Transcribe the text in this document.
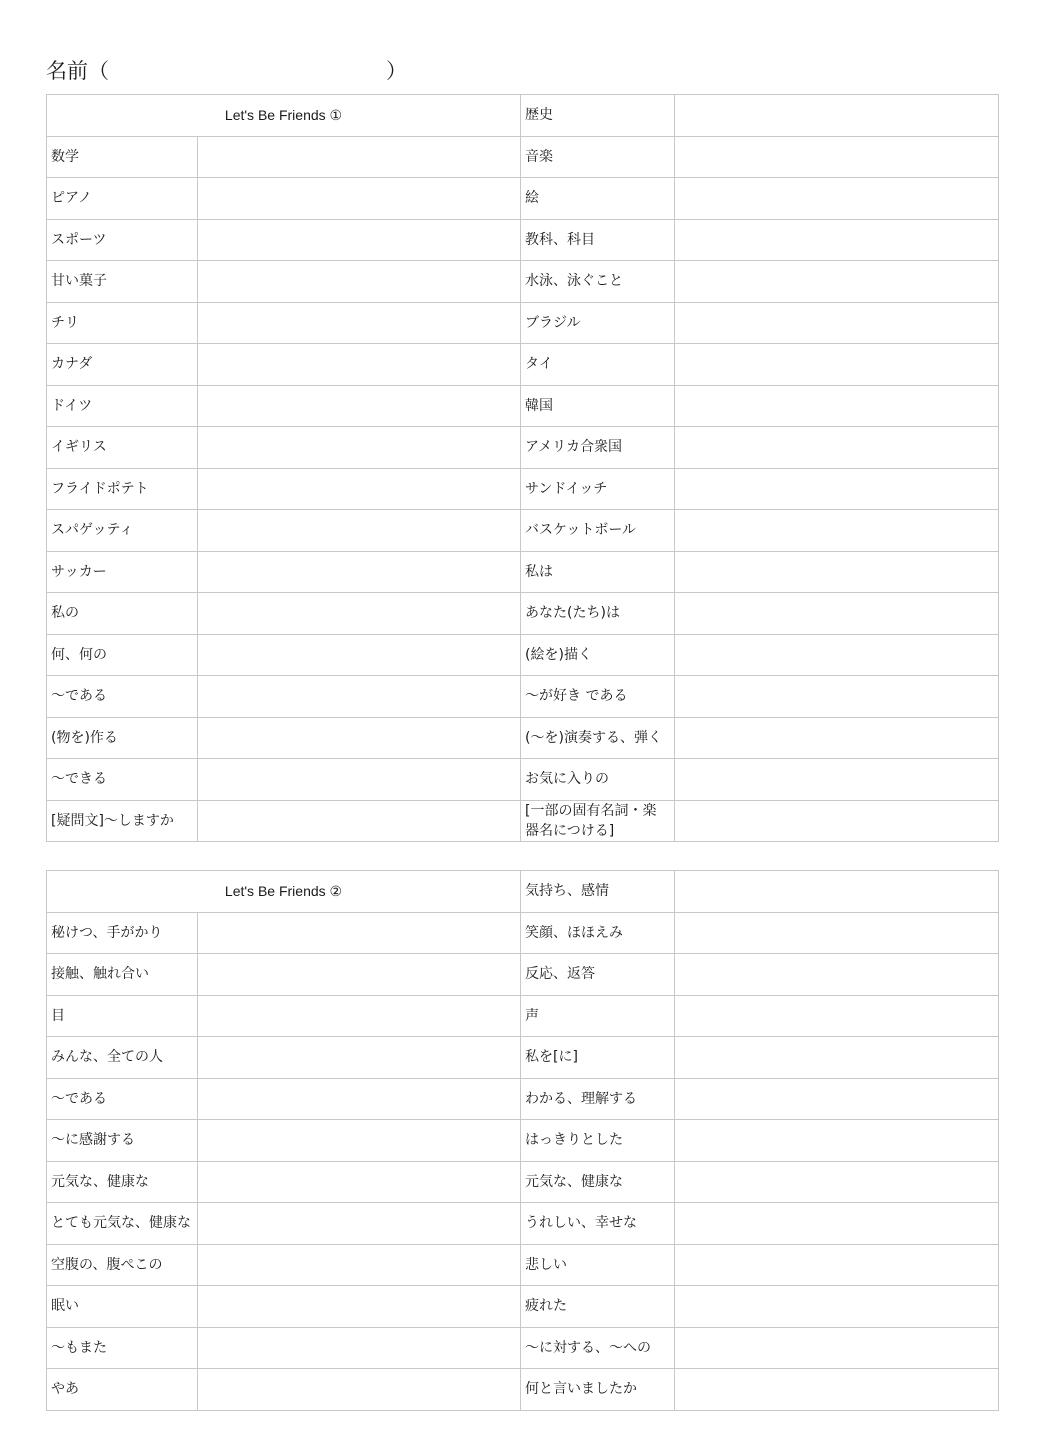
名前（	）
Let's Be Friends ①		歴史	
数学		音楽	
ピアノ		絵	
スポーツ		教科、科目	
甘い菓子		水泳、泳ぐこと	
チリ		ブラジル	
カナダ		タイ	
ドイツ		韓国	
イギリス		アメリカ合衆国	
フライドポテト		サンドイッチ	
スパゲッティ		バスケットボール	
サッカー		私は	
私の		あなた(たち)は	
何、何の		(絵を)描く	
〜である		〜が好き である	
(物を)作る		(〜を)演奏する、弾く	
〜できる		お気に入りの	
[疑問文]〜しますか		[一部の固有名詞・楽器名につける]	
Let's Be Friends ②		気持ち、感情	
秘けつ、手がかり		笑顔、ほほえみ	
接触、触れ合い		反応、返答	
目		声	
みんな、全ての人		私を[に]	
〜である		わかる、理解する	
〜に感謝する		はっきりとした	
元気な、健康な		元気な、健康な	
とても元気な、健康な		うれしい、幸せな	
空腹の、腹ぺこの		悲しい	
眠い		疲れた	
〜もまた		〜に対する、〜への	
やあ		何と言いましたか	
